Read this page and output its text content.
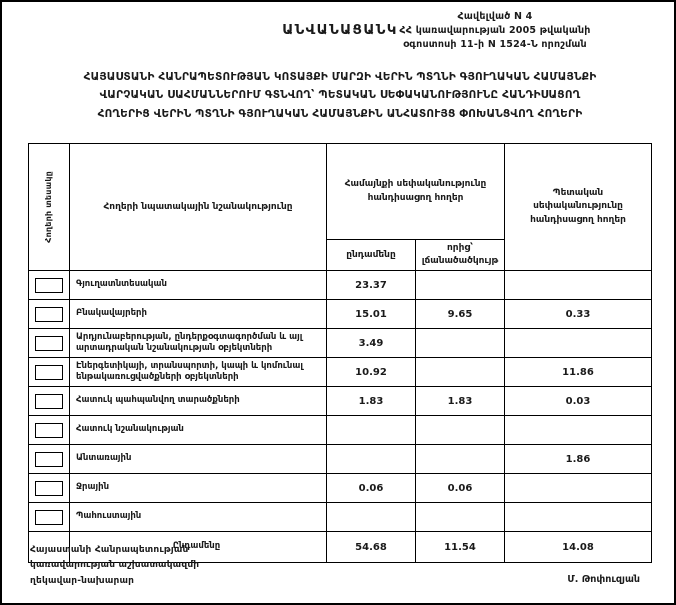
Հավելված N 4
ՀՀ կառավարության 2005 թվականի
օգոստոսի 11-ի N 1524-Ն որոշման
ԱՆՎԱՆԱՑԱՆԿ
ՀԱՅԱՍՏԱՆԻ ՀԱՆՐԱՊԵՏՈՒԹՅԱՆ ԿՈՏԱՅՔԻ ՄԱՐԶԻ ՎԵՐԻՆ ՊՏՂՆԻ ԳՅՈՒՂԱԿԱՆ ՀԱՄԱՅՆՔԻ
ՎԱՐՉԱԿԱՆ ՍԱՀՄԱՆՆԵՐՈՒՄ ԳՏՆՎՈՂ՝ ՊԵՏԱԿԱՆ ՍԵՓԱԿԱՆՈՒԹՅՈՒՆԸ ՀԱՆԴԻՍԱՑՈՂ
ՀՈՂԵՐԻՑ ՎԵՐԻՆ ՊՏՂՆԻ ԳՅՈՒՂԱԿԱՆ ՀԱՄԱՅՆՔԻՆ ԱՆՀԱՏՈՒՅՑ ՓՈԽԱՆՑՎՈՂ ՀՈՂԵՐԻ
Հողերի տեսակը	Հողերի նպատակային նշանակությունը	Համայնքի սեփականությունը հանդիսացող հողեր		Պետական սեփականությունը հանդիսացող հողեր
		ընդամենը	որից՝ լճանածածկույթ	

	Գյուղատնտեսական	23.37		

	Բնակավայրերի	15.01	9.65	0.33

	Արդյունաբերության, ընդերքօգտագործման և այլ արտադրական նշանակության օբյեկտների	3.49		

	Էներգետիկայի, տրանսպորտի, կապի և կոմունալ ենթակառուցվածքների օբյեկտների	10.92		11.86

	Հատուկ պահպանվող տարածքների	1.83	1.83	0.03

	Հատուկ նշանակության			

	Անտառային			1.86

	Ջրային	0.06	0.06	

	Պահուստային			
	Ընդամենը	54.68	11.54	14.08
Հայաստանի Հանրապետության
կառավարության աշխատակազմի
ղեկավար-նախարար	Մ. Թոփուզյան
